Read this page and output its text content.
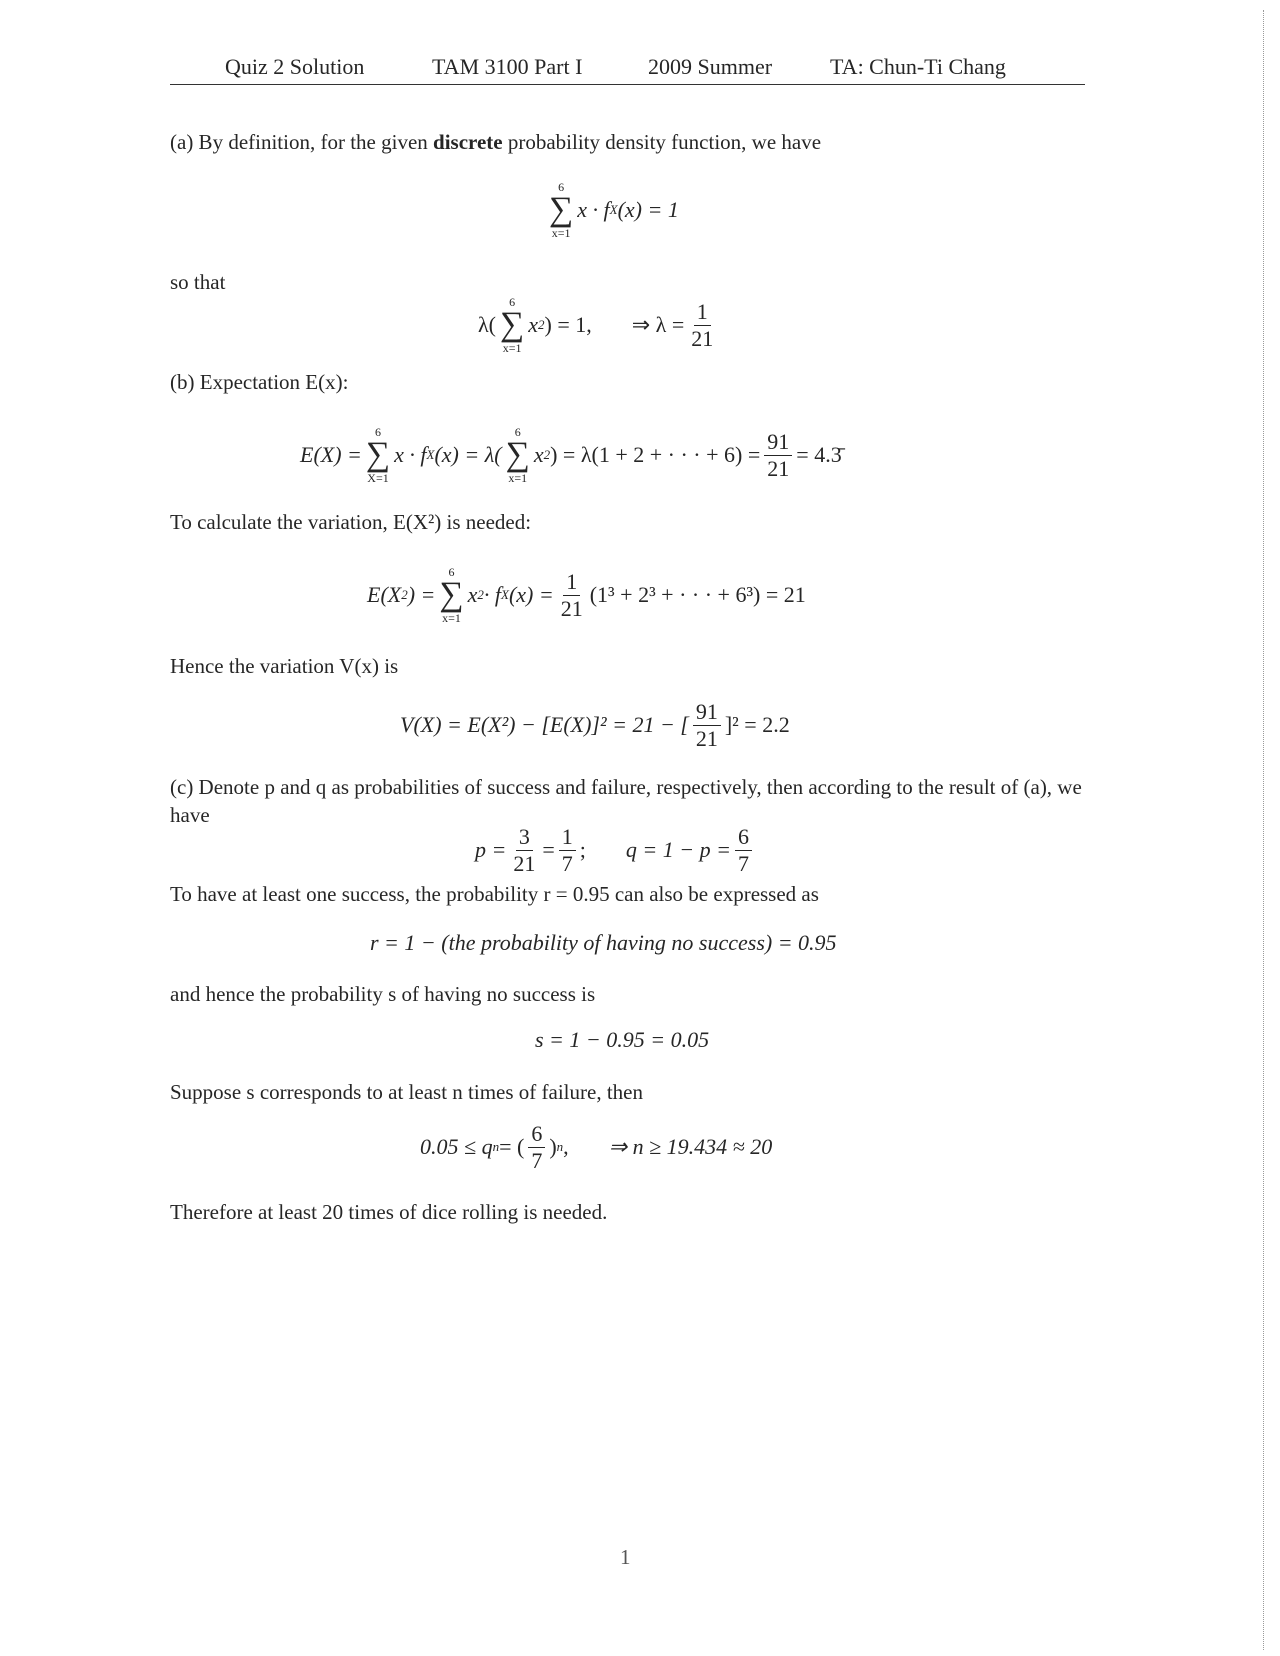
Quiz 2 Solution	TAM 3100 Part I	2009 Summer	TA: Chun-Ti Chang
(a) By definition, for the given discrete probability density function, we have
6
∑
x=1
x · f X (x) = 1
so that
λ(
6
∑
x=1
x 2 ) = 1, ⇒ $\lambda = \frac{1}{21}$
(b) Expectation E(x):
E(X) =
6
∑
X=1
x · f X (x) = λ(
6
∑
x=1
x 2 ) = λ(1 + 2 + · · · + $6) = \frac{91}{21}$ = 4.3̄
To calculate the variation, E(X²) is needed:
E(X 2 ) =
6
∑
x=1
x 2 · f X $(x) = \frac{1}{21} (1^3 + 2^3$ + · · · + 6³) = 21
Hence the variation V(x) is
V(X) = E(X²) − [E(X)]² = 21 − [ $\frac{91}{21} ]^2 = 2.2$
(c) Denote p and q as probabilities of success and failure, respectively, then according to the result of (a), we have
$p = \frac{3}{21} = \frac{1}{7}$ ; $q = 1 - p = \frac{6}{7}$
To have at least one success, the probability r = 0.95 can also be expressed as
r = 1 − (the probability of having no success) = 0.95
and hence the probability s of having no success is
s = 1 − 0.95 = 0.05
Suppose s corresponds to at least n times of failure, then
0.05 ≤ q n = ( $\frac{6}{7}$ ) n , ⇒ n ≥ 19.434 ≈ 20
Therefore at least 20 times of dice rolling is needed.
1
